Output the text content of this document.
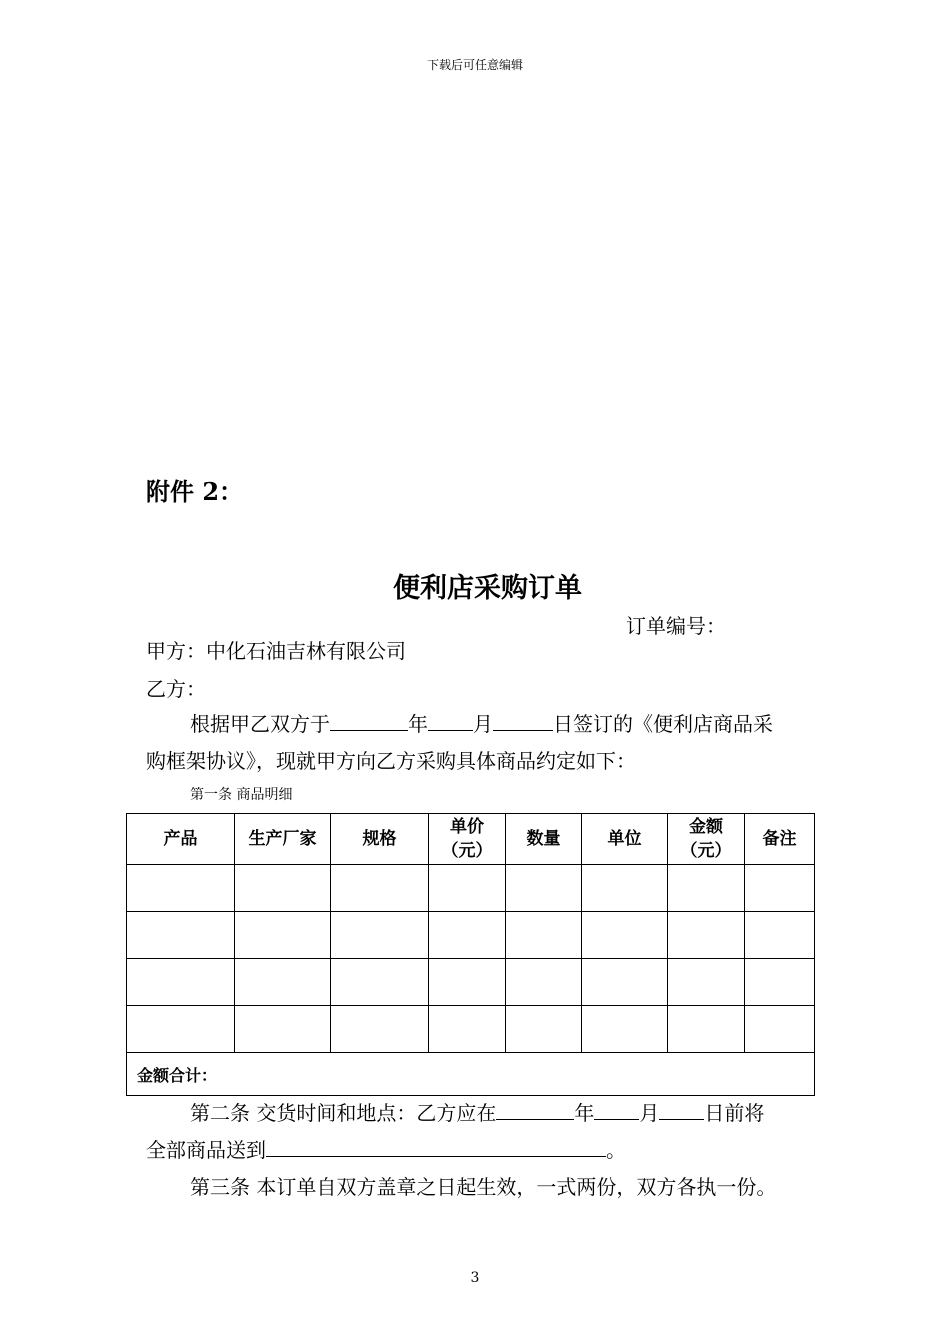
下载后可任意编辑
附件 2：
便利店采购订单
订单编号：
甲方：中化石油吉林有限公司
乙方：
根据甲乙双方于	年 月	日签订的《便利店商品采
购框架协议》，现就甲方向乙方采购具体商品约定如下：
第一条 商品明细
产品	生产厂家	规格	单价（元）	数量	单位	金额（元）	备注

金额合计：							
第二条 交货时间和地点：乙方应在	年 月 日前将
全部商品送到	。
第三条 本订单自双方盖章之日起生效，一式两份，双方各执一份。
3
